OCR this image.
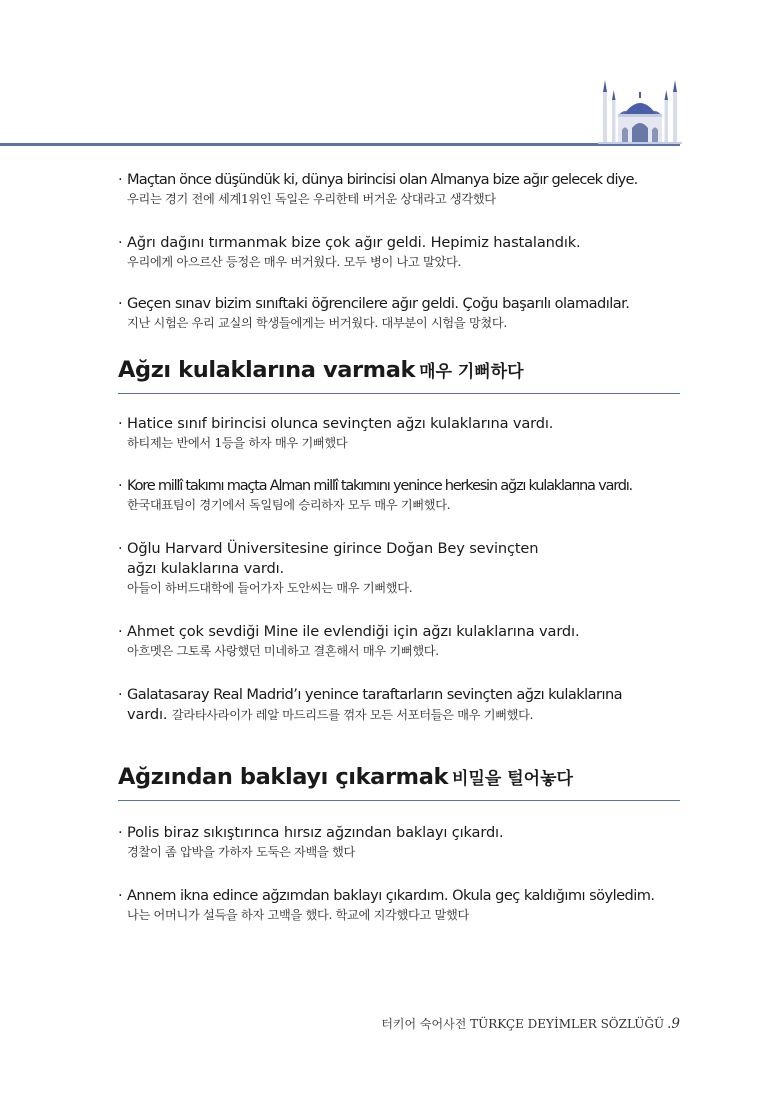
· Maçtan önce düşündük ki, dünya birincisi olan Almanya bize ağır gelecek diye.
우리는 경기 전에 세계1위인 독일은 우리한테 버거운 상대라고 생각했다
· Ağrı dağını tırmanmak bize çok ağır geldi. Hepimiz hastalandık.
우리에게 아으르산 등정은 매우 버거웠다. 모두 병이 나고 말았다.
· Geçen sınav bizim sınıftaki öğrencilere ağır geldi. Çoğu başarılı olamadılar.
지난 시험은 우리 교실의 학생들에게는 버거웠다. 대부분이 시험을 망쳤다.
Ağzı kulaklarına varmak 매우 기뻐하다
· Hatice sınıf birincisi olunca sevinçten ağzı kulaklarına vardı.
하티제는 반에서 1등을 하자 매우 기뻐했다
· Kore millî takımı maçta Alman millî takımını yenince herkesin ağzı kulaklarına vardı.
한국대표팀이 경기에서 독일팀에 승리하자 모두 매우 기뻐했다.
· Oğlu Harvard Üniversitesine girince Doğan Bey sevinçten
ağzı kulaklarına vardı.
아들이 하버드대학에 들어가자 도안씨는 매우 기뻐했다.
· Ahmet çok sevdiği Mine ile evlendiği için ağzı kulaklarına vardı.
아흐멧은 그토록 사랑했던 미네하고 결혼해서 매우 기뻐했다.
· Galatasaray Real Madrid’ı yenince taraftarların sevinçten ağzı kulaklarına
vardı. 갈라타사라이가 레알 마드리드를 꺾자 모든 서포터들은 매우 기뻐했다.
Ağzından baklayı çıkarmak 비밀을 털어놓다
· Polis biraz sıkıştırınca hırsız ağzından baklayı çıkardı.
경찰이 좀 압박을 가하자 도둑은 자백을 했다
· Annem ikna edince ağzımdan baklayı çıkardım. Okula geç kaldığımı söyledim.
나는 어머니가 설득을 하자 고백을 했다. 학교에 지각했다고 말했다
터키어 숙어사전 TÜRKÇE DEYİMLER SÖZLÜĞÜ .9
